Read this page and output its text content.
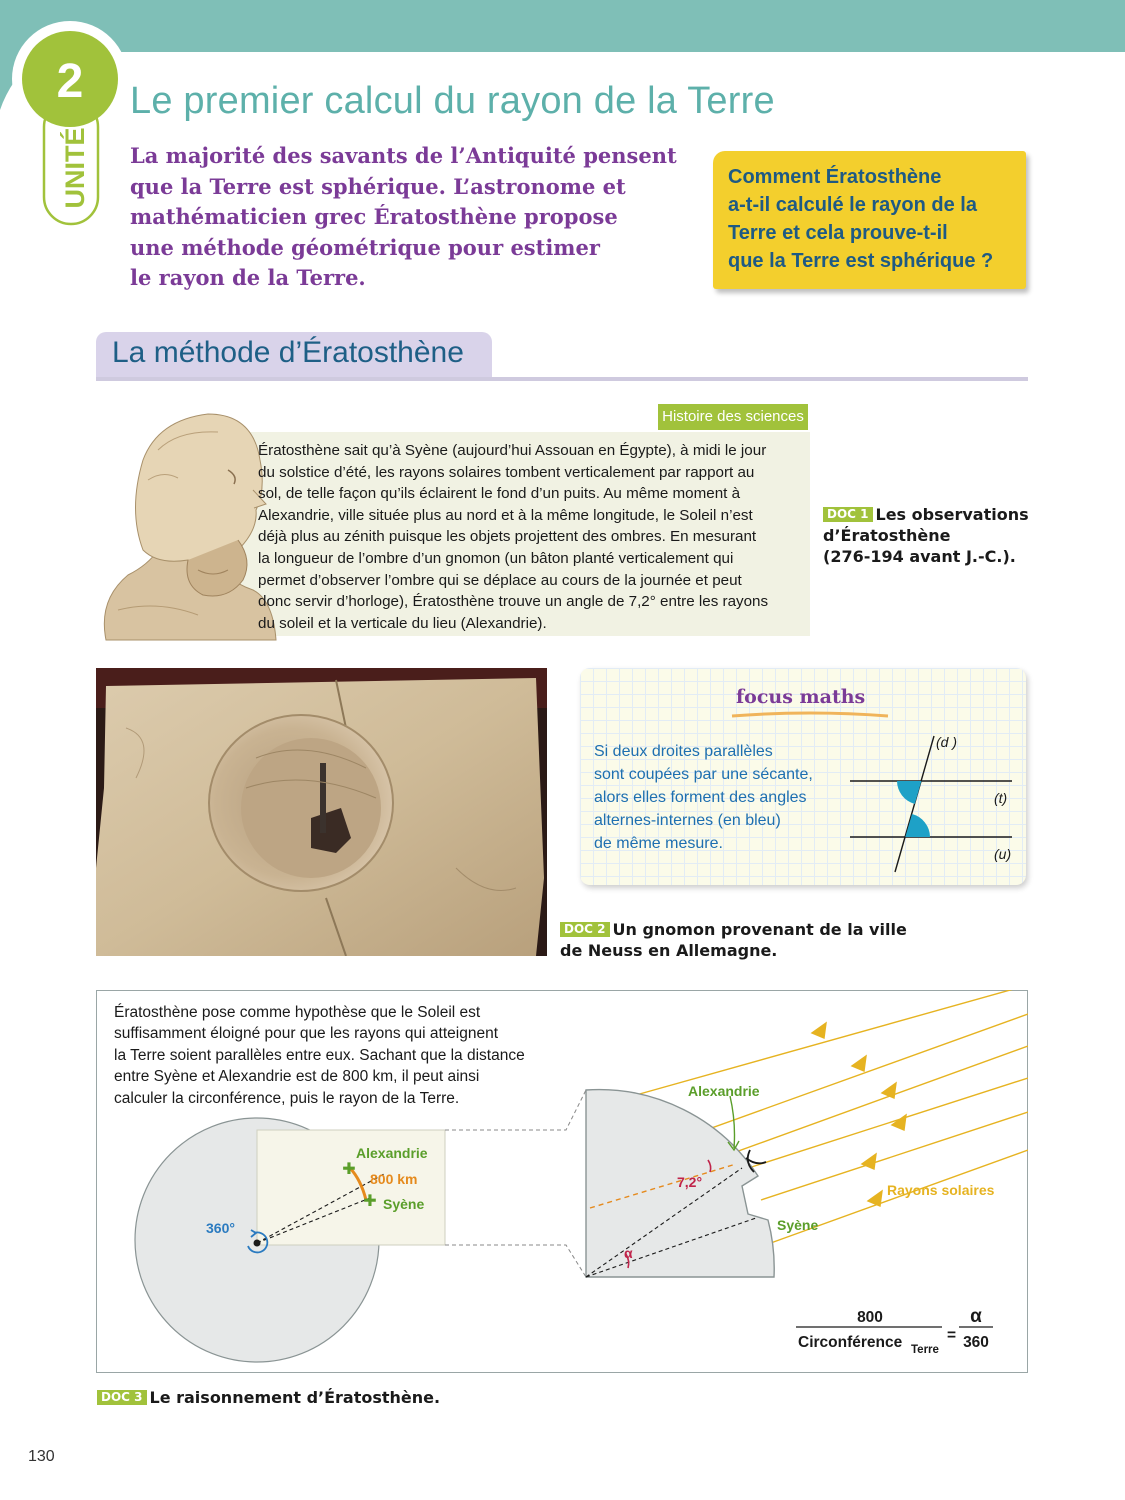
2
UNITÉ
Le premier calcul du rayon de la Terre

La majorité des savants de l’Antiquité pensent
que la Terre est sphérique. L’astronome et
mathématicien grec Ératosthène propose
une méthode géométrique pour estimer
le rayon de la Terre.

Comment Ératosthène
a-t-il calculé le rayon de la
Terre et cela prouve-t-il
que la Terre est sphérique ?

La méthode d’Ératosthène
Histoire des sciences

Ératosthène sait qu’à Syène (aujourd’hui Assouan en Égypte), à midi le jour
du solstice d’été, les rayons solaires tombent verticalement par rapport au
sol, de telle façon qu’ils éclairent le fond d’un puits. Au même moment à
Alexandrie, ville située plus au nord et à la même longitude, le Soleil n’est
déjà plus au zénith puisque les objets projettent des ombres. En mesurant
la longueur de l’ombre d’un gnomon (un bâton planté verticalement qui
permet d’observer l’ombre qui se déplace au cours de la journée et peut
donc servir d’horloge), Ératosthène trouve un angle de 7,2° entre les rayons
du soleil et la verticale du lieu (Alexandrie).

DOC 1 Les observations
d’Ératosthène
(276-194 avant J.-C.).
focus maths

Si deux droites parallèles
sont coupées par une sécante,
alors elles forment des angles
alternes-internes (en bleu)
de même mesure.

(d )
(t)
(u)
DOC 2 Un gnomon provenant de la ville
de Neuss en Allemagne.

Ératosthène pose comme hypothèse que le Soleil est
suffisamment éloigné pour que les rayons qui atteignent
la Terre soient parallèles entre eux. Sachant que la distance
entre Syène et Alexandrie est de 800 km, il peut ainsi
calculer la circonférence, puis le rayon de la Terre.

✚
✚
Alexandrie
800 km
Syène
360°
Alexandrie
7,2°
α
Rayons solaires
Syène
800
Circonférence Terre
=
α
360
DOC 3 Le raisonnement d’Ératosthène.
130
